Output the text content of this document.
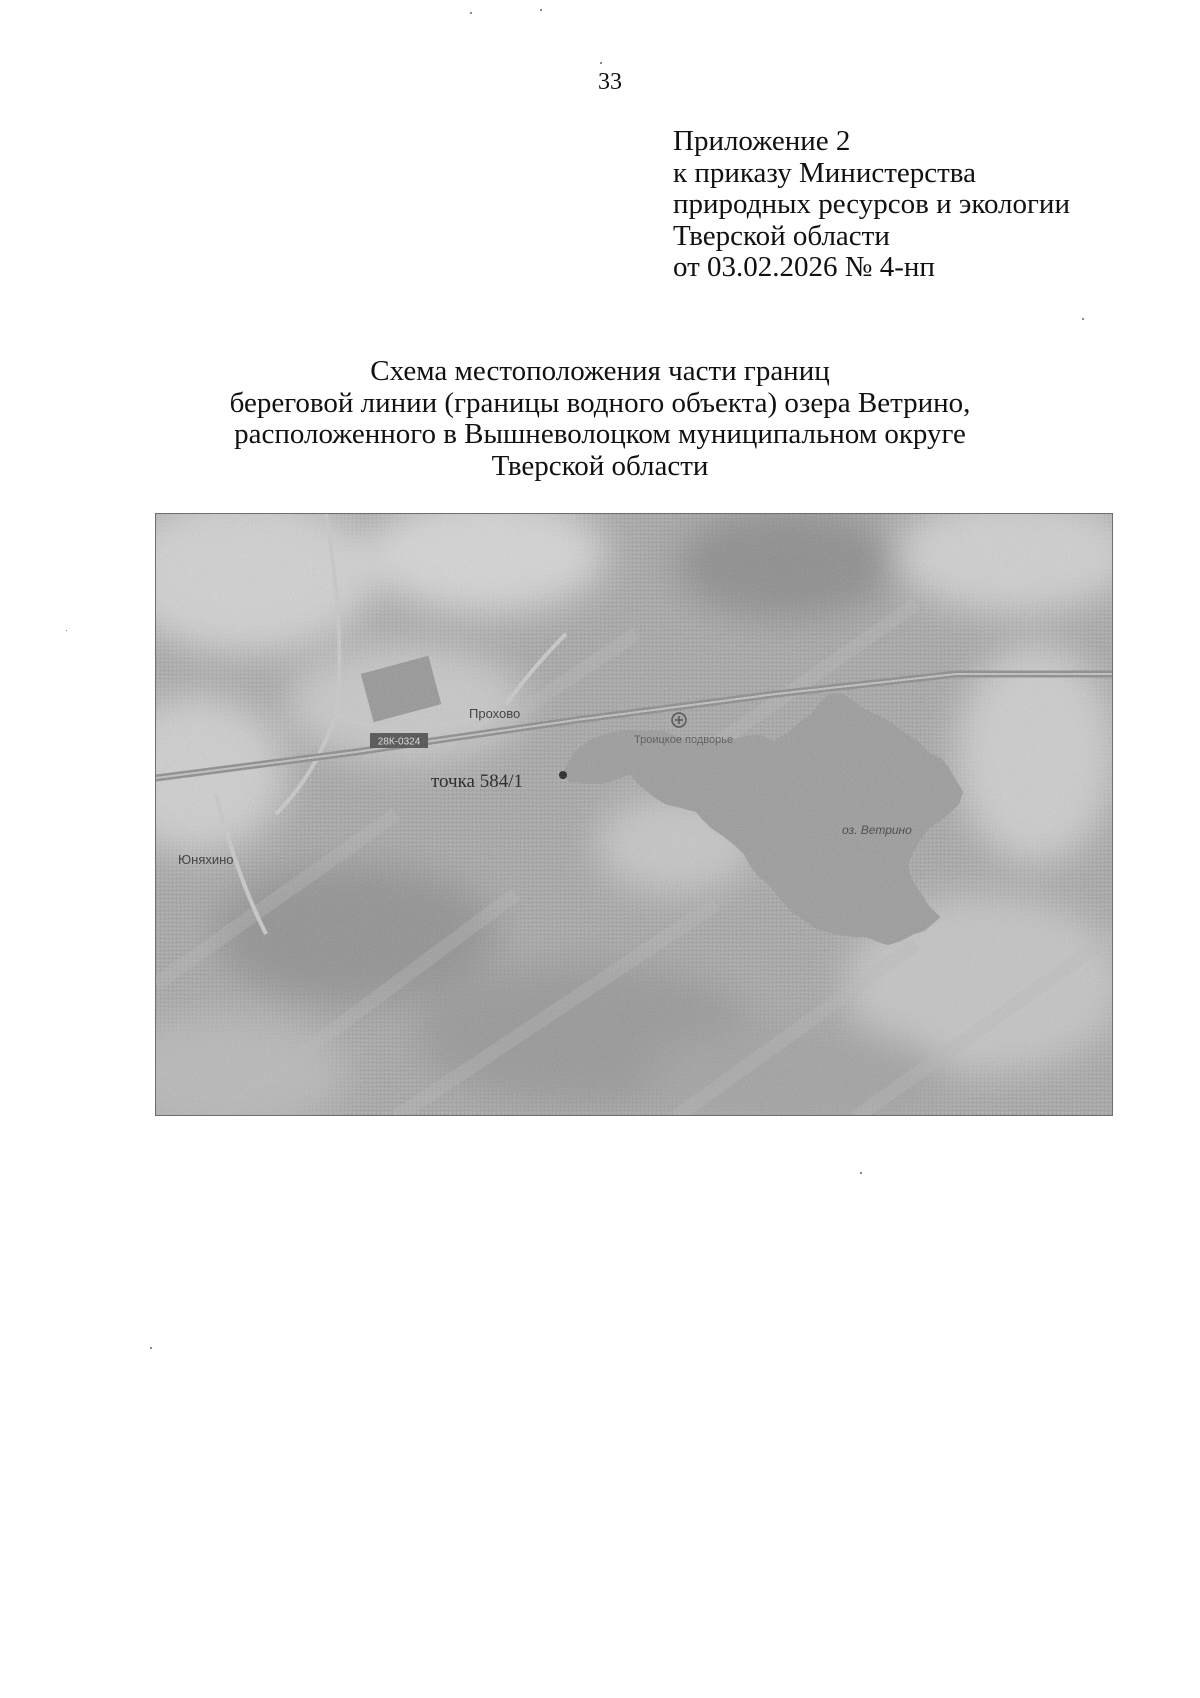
33
Приложение 2
к приказу Министерства
природных ресурсов и экологии
Тверской области
от 03.02.2026 № 4-нп
Схема местоположения части границ
береговой линии (границы водного объекта) озера Ветрино,
расположенного в Вышневолоцком муниципальном округе
Тверской области
